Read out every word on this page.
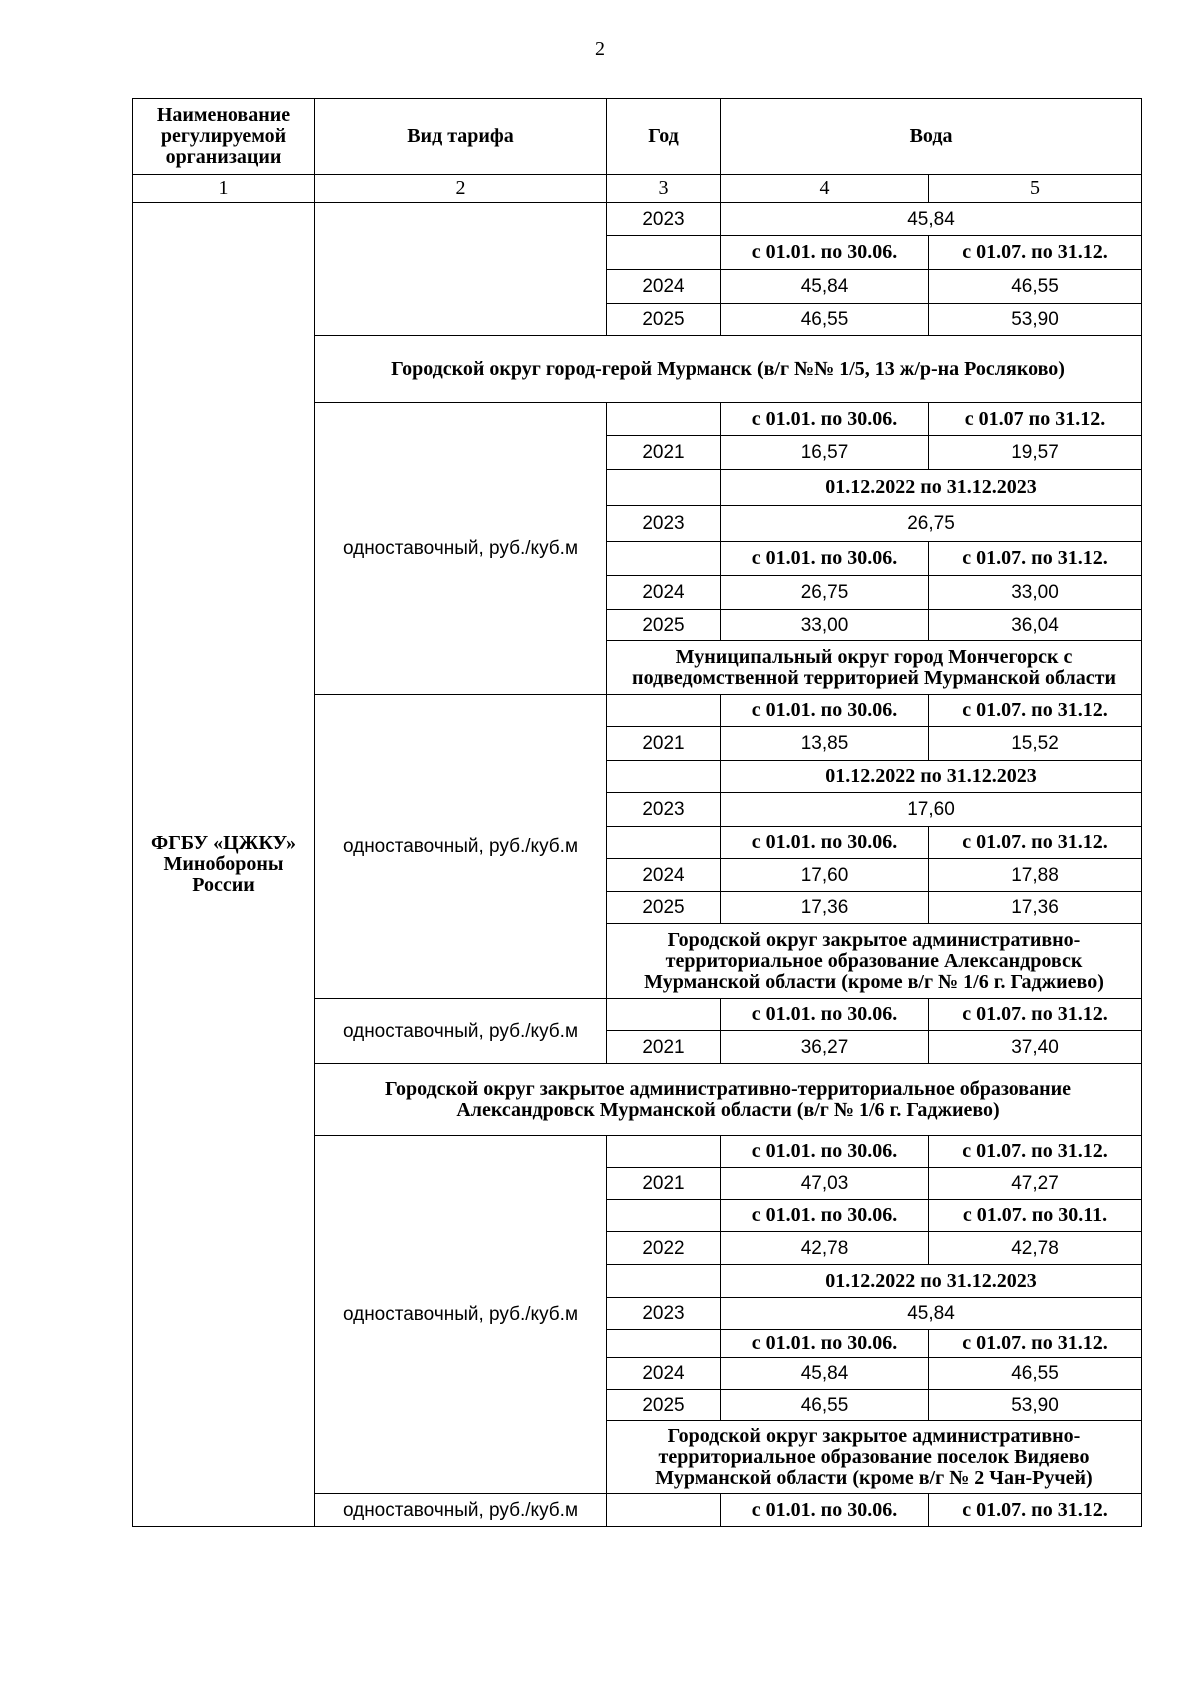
2
Наименование регулируемой организации	Вид тарифа	Год	Вода	
1	2	3	4	5
ФГБУ «ЦЖКУ» Минобороны России		2023	45,84	
			с 01.01. по 30.06.	с 01.07. по 31.12.
		2024	45,84	46,55
		2025	46,55	53,90
	Городской округ город-герой Мурманск (в/г №№ 1/5, 13 ж/р-на Росляково)			
	одноставочный, руб./куб.м		с 01.01. по 30.06.	с 01.07 по 31.12.
		2021	16,57	19,57
			01.12.2022 по 31.12.2023	
		2023	26,75	
			с 01.01. по 30.06.	с 01.07. по 31.12.
		2024	26,75	33,00
		2025	33,00	36,04
		Муниципальный округ город Мончегорск с подведомственной территорией Мурманской области		
	одноставочный, руб./куб.м		с 01.01. по 30.06.	с 01.07. по 31.12.
		2021	13,85	15,52
			01.12.2022 по 31.12.2023	
		2023	17,60	
			с 01.01. по 30.06.	с 01.07. по 31.12.
		2024	17,60	17,88
		2025	17,36	17,36
		Городской округ закрытое административно-территориальное образование Александровск Мурманской области (кроме в/г № 1/6 г. Гаджиево)		
	одноставочный, руб./куб.м		с 01.01. по 30.06.	с 01.07. по 31.12.
		2021	36,27	37,40
	Городской округ закрытое административно-территориальное образование Александровск Мурманской области (в/г № 1/6 г. Гаджиево)			
	одноставочный, руб./куб.м		с 01.01. по 30.06.	с 01.07. по 31.12.
		2021	47,03	47,27
			с 01.01. по 30.06.	с 01.07. по 30.11.
		2022	42,78	42,78
			01.12.2022 по 31.12.2023	
		2023	45,84	
			с 01.01. по 30.06.	с 01.07. по 31.12.
		2024	45,84	46,55
		2025	46,55	53,90
		Городской округ закрытое административно-территориальное образование поселок Видяево Мурманской области (кроме в/г № 2 Чан-Ручей)		
	одноставочный, руб./куб.м		с 01.01. по 30.06.	с 01.07. по 31.12.
